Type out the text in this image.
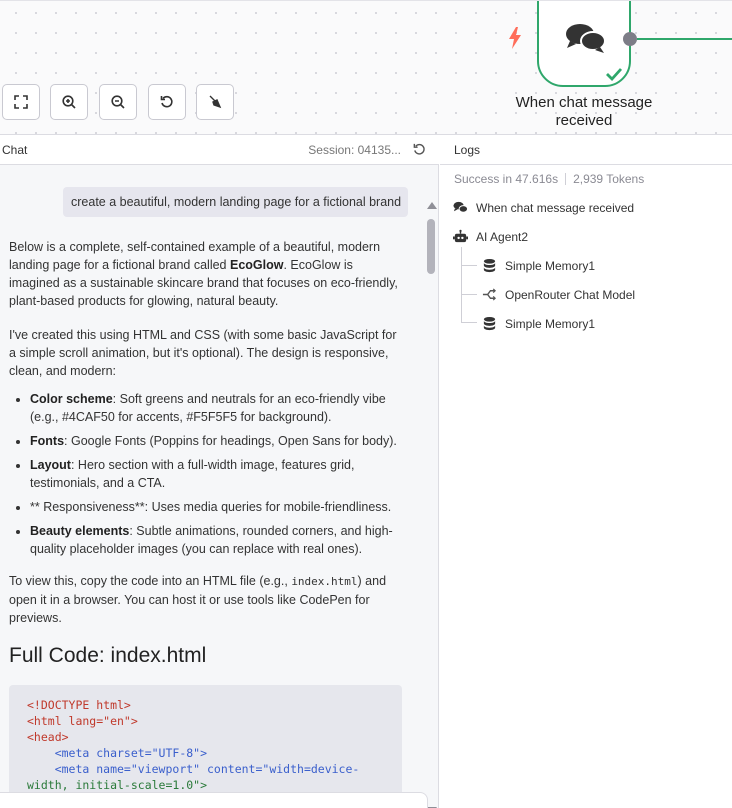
When chat message received
Chat	Session: 04135...
create a beautiful, modern landing page for a fictional brand

Below is a complete, self-contained example of a beautiful, modern landing page for a fictional brand called EcoGlow. EcoGlow is imagined as a sustainable skincare brand that focuses on eco-friendly, plant-based products for glowing, natural beauty.

I've created this using HTML and CSS (with some basic JavaScript for a simple scroll animation, but it's optional). The design is responsive, clean, and modern:

• Color scheme: Soft greens and neutrals for an eco-friendly vibe (e.g., #4CAF50 for accents, #F5F5F5 for background).
• Fonts: Google Fonts (Poppins for headings, Open Sans for body).
• Layout: Hero section with a full-width image, features grid, testimonials, and a CTA.
• ** Responsiveness**: Uses media queries for mobile-friendliness.
• Beauty elements: Subtle animations, rounded corners, and high-quality placeholder images (you can replace with real ones).

To view this, copy the code into an HTML file (e.g., index.html) and open it in a browser. You can host it or use tools like CodePen for previews.

Full Code: index.html
<!DOCTYPE html>
<html lang="en">
<head>
<meta charset="UTF-8">
<meta name="viewport" content="width=device-
width, initial-scale=1.0">
Logs
Success in 47.616s 2,939 Tokens
When chat message received
AI Agent2
Simple Memory1
OpenRouter Chat Model
Simple Memory1
